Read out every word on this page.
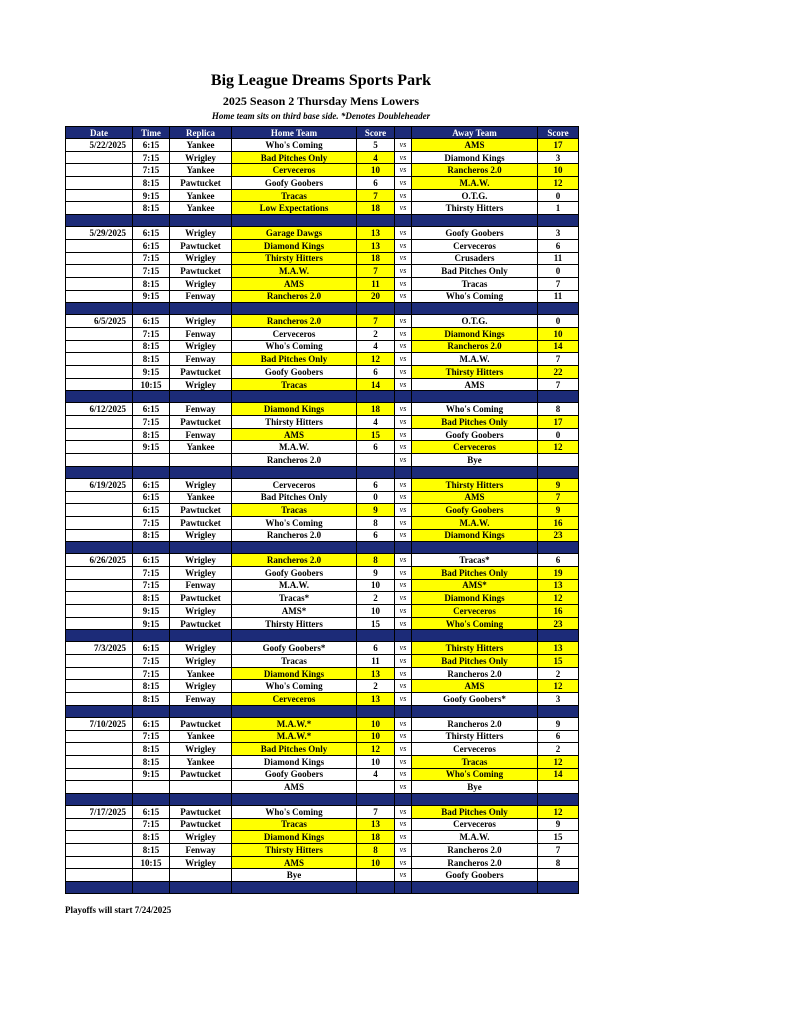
Big League Dreams Sports Park
2025 Season 2 Thursday Mens Lowers
Home team sits on third base side. *Denotes Doubleheader
Date	Time	Replica	Home Team	Score		Away Team	Score
5/22/2025	6:15	Yankee	Who's Coming	5	vs	AMS	17
	7:15	Wrigley	Bad Pitches Only	4	vs	Diamond Kings	3
	7:15	Yankee	Cerveceros	10	vs	Rancheros 2.0	10
	8:15	Pawtucket	Goofy Goobers	6	vs	M.A.W.	12
	9:15	Yankee	Tracas	7	vs	O.T.G.	0
	8:15	Yankee	Low Expectations	18	vs	Thirsty Hitters	1

5/29/2025	6:15	Wrigley	Garage Dawgs	13	vs	Goofy Goobers	3
	6:15	Pawtucket	Diamond Kings	13	vs	Cerveceros	6
	7:15	Wrigley	Thirsty Hitters	18	vs	Crusaders	11
	7:15	Pawtucket	M.A.W.	7	vs	Bad Pitches Only	0
	8:15	Wrigley	AMS	11	vs	Tracas	7
	9:15	Fenway	Rancheros 2.0	20	vs	Who's Coming	11

6/5/2025	6:15	Wrigley	Rancheros 2.0	7	vs	O.T.G.	0
	7:15	Fenway	Cerveceros	2	vs	Diamond Kings	10
	8:15	Wrigley	Who's Coming	4	vs	Rancheros 2.0	14
	8:15	Fenway	Bad Pitches Only	12	vs	M.A.W.	7
	9:15	Pawtucket	Goofy Goobers	6	vs	Thirsty Hitters	22
	10:15	Wrigley	Tracas	14	vs	AMS	7

6/12/2025	6:15	Fenway	Diamond Kings	18	vs	Who's Coming	8
	7:15	Pawtucket	Thirsty Hitters	4	vs	Bad Pitches Only	17
	8:15	Fenway	AMS	15	vs	Goofy Goobers	0
	9:15	Yankee	M.A.W.	6	vs	Cerveceros	12
			Rancheros 2.0		vs	Bye	

6/19/2025	6:15	Wrigley	Cerveceros	6	vs	Thirsty Hitters	9
	6:15	Yankee	Bad Pitches Only	0	vs	AMS	7
	6:15	Pawtucket	Tracas	9	vs	Goofy Goobers	9
	7:15	Pawtucket	Who's Coming	8	vs	M.A.W.	16
	8:15	Wrigley	Rancheros 2.0	6	vs	Diamond Kings	23

6/26/2025	6:15	Wrigley	Rancheros 2.0	8	vs	Tracas*	6
	7:15	Wrigley	Goofy Goobers	9	vs	Bad Pitches Only	19
	7:15	Fenway	M.A.W.	10	vs	AMS*	13
	8:15	Pawtucket	Tracas*	2	vs	Diamond Kings	12
	9:15	Wrigley	AMS*	10	vs	Cerveceros	16
	9:15	Pawtucket	Thirsty Hitters	15	vs	Who's Coming	23

7/3/2025	6:15	Wrigley	Goofy Goobers*	6	vs	Thirsty Hitters	13
	7:15	Wrigley	Tracas	11	vs	Bad Pitches Only	15
	7:15	Yankee	Diamond Kings	13	vs	Rancheros 2.0	2
	8:15	Wrigley	Who's Coming	2	vs	AMS	12
	8:15	Fenway	Cerveceros	13	vs	Goofy Goobers*	3

7/10/2025	6:15	Pawtucket	M.A.W.*	10	vs	Rancheros 2.0	9
	7:15	Yankee	M.A.W.*	10	vs	Thirsty Hitters	6
	8:15	Wrigley	Bad Pitches Only	12	vs	Cerveceros	2
	8:15	Yankee	Diamond Kings	10	vs	Tracas	12
	9:15	Pawtucket	Goofy Goobers	4	vs	Who's Coming	14
			AMS		vs	Bye	

7/17/2025	6:15	Pawtucket	Who's Coming	7	vs	Bad Pitches Only	12
	7:15	Pawtucket	Tracas	13	vs	Cerveceros	9
	8:15	Wrigley	Diamond Kings	18	vs	M.A.W.	15
	8:15	Fenway	Thirsty Hitters	8	vs	Rancheros 2.0	7
	10:15	Wrigley	AMS	10	vs	Rancheros 2.0	8
			Bye		vs	Goofy Goobers	

Playoffs will start 7/24/2025
